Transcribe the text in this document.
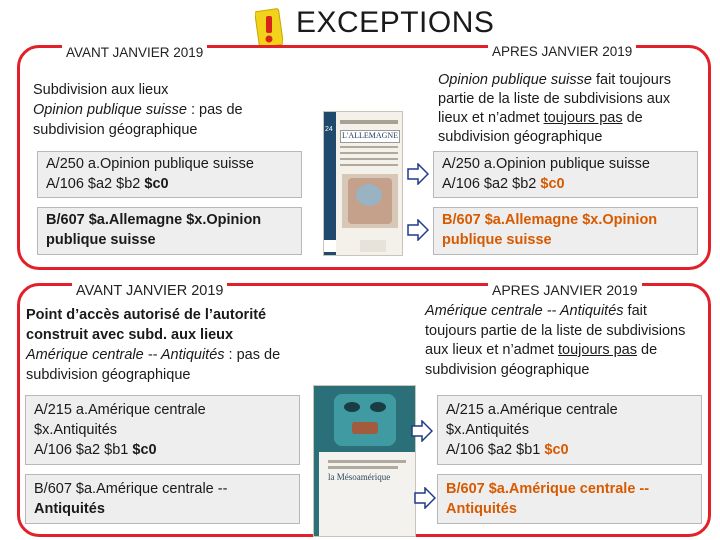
EXCEPTIONS
AVANT JANVIER 2019	APRES JANVIER 2019
Subdivision aux lieux
Opinion publique suisse : pas de
subdivision géographique
Opinion publique suisse fait toujours
partie de la liste de subdivisions aux
lieux et n’admet toujours pas de
subdivision géographique
A/250 a.Opinion publique suisse
A/106 $a2 $b2 $c0
B/607 $a.Allemagne $x.Opinion
publique suisse
A/250 a.Opinion publique suisse
A/106 $a2 $b2 $c0
B/607 $a.Allemagne $x.Opinion
publique suisse
24
L'ALLEMAGNE
AVANT JANVIER 2019	APRES JANVIER 2019
Point d’accès autorisé de l’autorité
construit avec subd. aux lieux
Amérique centrale -- Antiquités : pas de
subdivision géographique
Amérique centrale -- Antiquités fait
toujours partie de la liste de subdivisions
aux lieux et n’admet toujours pas de
subdivision géographique
A/215 a.Amérique centrale
$x.Antiquités
A/106 $a2 $b1 $c0
B/607 $a.Amérique centrale --
Antiquités
A/215 a.Amérique centrale
$x.Antiquités
A/106 $a2 $b1 $c0
B/607 $a.Amérique centrale --
Antiquités
la Mésoamérique
